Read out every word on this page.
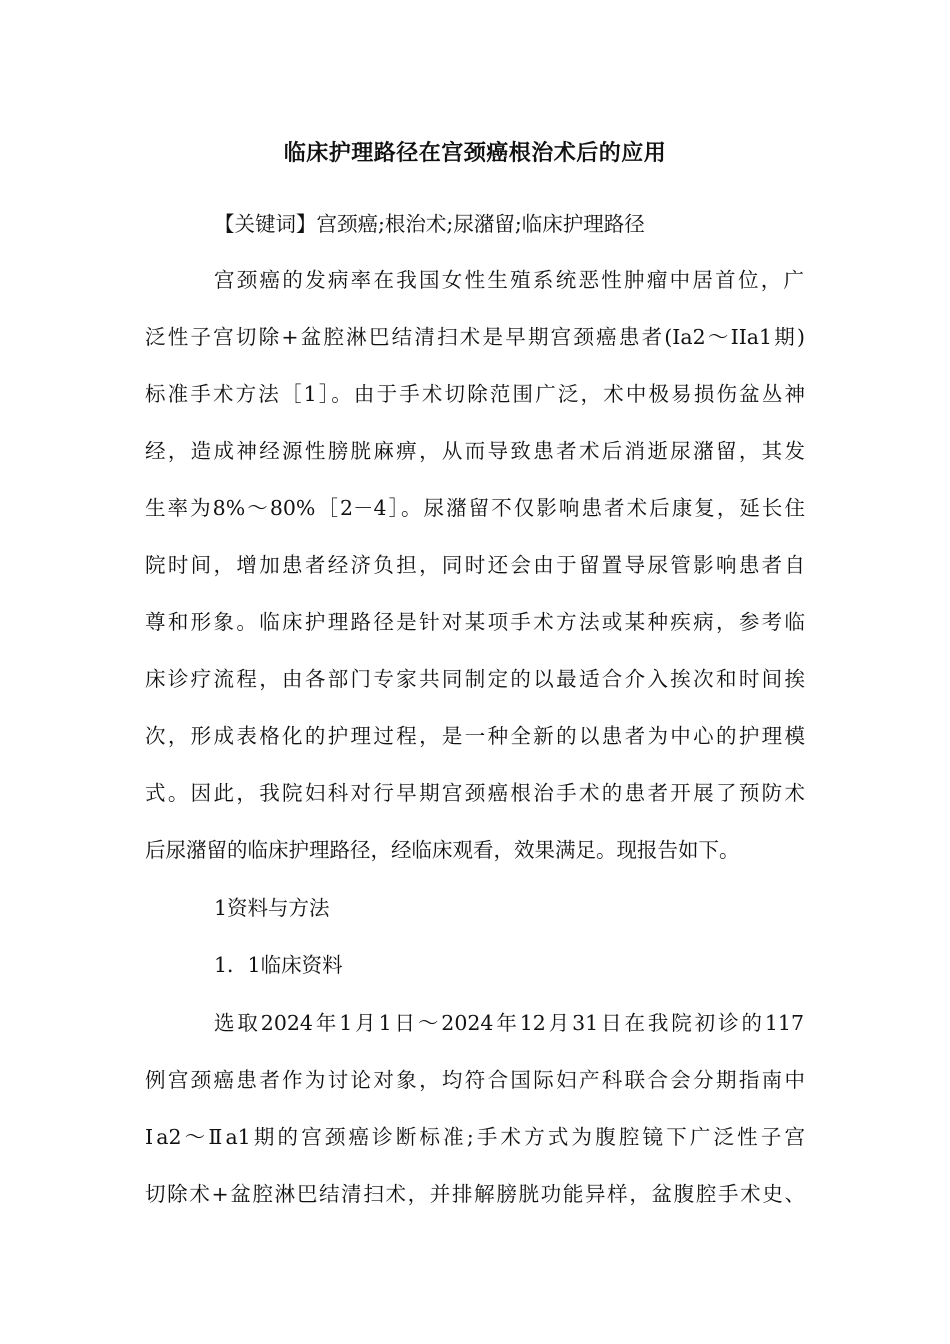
临床护理路径在宫颈癌根治术后的应用
【关键词】宫颈癌;根治术;尿潴留;临床护理路径
宫颈癌的发病率在我国女性生殖系统恶性肿瘤中居首位，广
泛性子宫切除+盆腔淋巴结清扫术是早期宫颈癌患者(Ia2～IIa1期)
标准手术方法［1］。由于手术切除范围广泛，术中极易损伤盆丛神
经，造成神经源性膀胱麻痹，从而导致患者术后消逝尿潴留，其发
生率为8%～80%［2－4］。尿潴留不仅影响患者术后康复，延长住
院时间，增加患者经济负担，同时还会由于留置导尿管影响患者自
尊和形象。临床护理路径是针对某项手术方法或某种疾病，参考临
床诊疗流程，由各部门专家共同制定的以最适合介入挨次和时间挨
次，形成表格化的护理过程，是一种全新的以患者为中心的护理模
式。因此，我院妇科对行早期宫颈癌根治手术的患者开展了预防术
后尿潴留的临床护理路径，经临床观看，效果满足。现报告如下。
1资料与方法
1．1临床资料
选取2024年1月1日～2024年12月31日在我院初诊的117
例宫颈癌患者作为讨论对象，均符合国际妇产科联合会分期指南中
Ⅰa2～Ⅱa1期的宫颈癌诊断标准;手术方式为腹腔镜下广泛性子宫
切除术+盆腔淋巴结清扫术，并排解膀胱功能异样，盆腹腔手术史、
